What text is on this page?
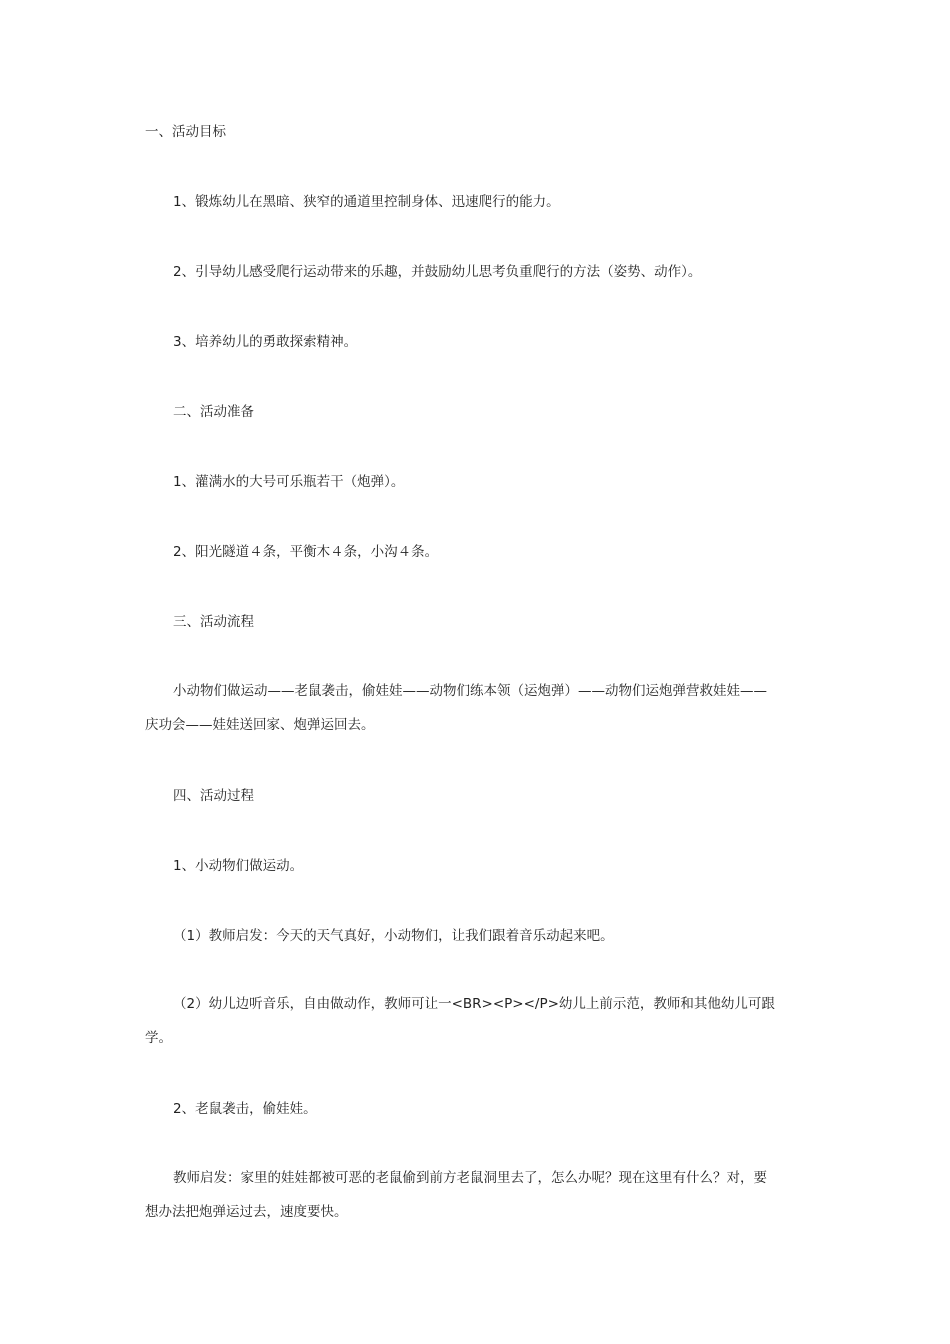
一、活动目标
1、锻炼幼儿在黑暗、狭窄的通道里控制身体、迅速爬行的能力。
2、引导幼儿感受爬行运动带来的乐趣，并鼓励幼儿思考负重爬行的方法（姿势、动作）。
3、培养幼儿的勇敢探索精神。
二、活动准备
1、灌满水的大号可乐瓶若干（炮弹）。
2、阳光隧道４条，平衡木４条，小沟４条。
三、活动流程
小动物们做运动——老鼠袭击，偷娃娃——动物们练本领（运炮弹）——动物们运炮弹营救娃娃——
庆功会——娃娃送回家、炮弹运回去。
四、活动过程
1、小动物们做运动。
（1）教师启发：今天的天气真好，小动物们，让我们跟着音乐动起来吧。
（2）幼儿边听音乐，自由做动作，教师可让一<BR><P></P>幼儿上前示范，教师和其他幼儿可跟
学。
2、老鼠袭击，偷娃娃。
教师启发：家里的娃娃都被可恶的老鼠偷到前方老鼠洞里去了，怎么办呢？现在这里有什么？对，要
想办法把炮弹运过去，速度要快。
